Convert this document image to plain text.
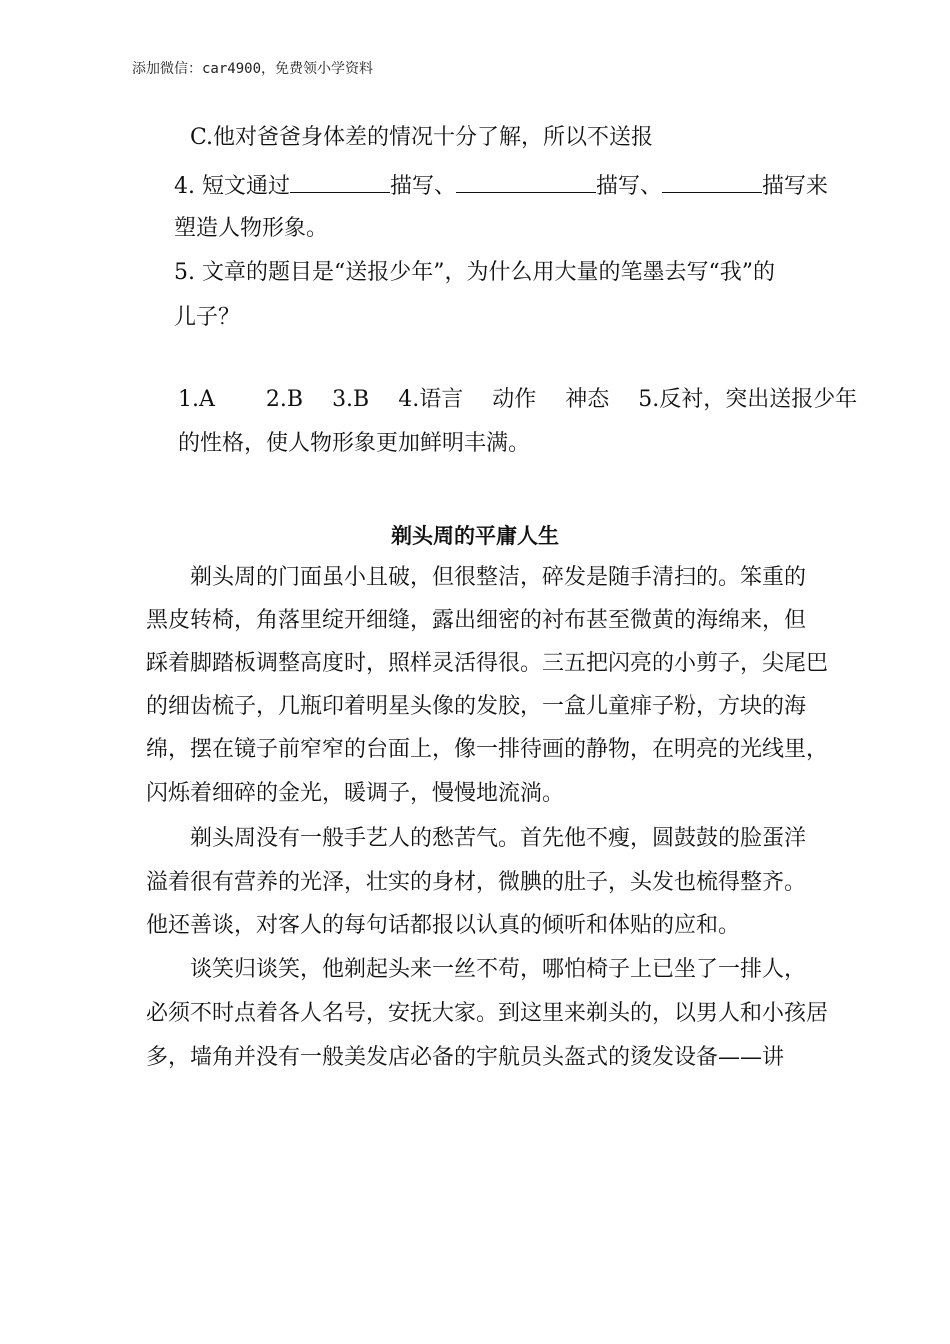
添加微信：car4900，免费领小学资料
C.他对爸爸身体差的情况十分了解，所以不送报
4. 短文通过	描写、	描写、	描写来
塑造人物形象。
5. 文章的题目是“送报少年”，为什么用大量的笔墨去写“我”的
儿子？
1.A 2.B 3.B 4.语言 动作 神态 5.反衬，突出送报少年
的性格，使人物形象更加鲜明丰满。
剃头周的平庸人生
剃头周的门面虽小且破，但很整洁，碎发是随手清扫的。笨重的
黑皮转椅，角落里绽开细缝，露出细密的衬布甚至微黄的海绵来，但
踩着脚踏板调整高度时，照样灵活得很。三五把闪亮的小剪子，尖尾巴
的细齿梳子，几瓶印着明星头像的发胶，一盒儿童痱子粉，方块的海
绵，摆在镜子前窄窄的台面上，像一排待画的静物，在明亮的光线里，
闪烁着细碎的金光，暖调子，慢慢地流淌。
剃头周没有一般手艺人的愁苦气。首先他不瘦，圆鼓鼓的脸蛋洋
溢着很有营养的光泽，壮实的身材，微腆的肚子，头发也梳得整齐。
他还善谈，对客人的每句话都报以认真的倾听和体贴的应和。
谈笑归谈笑，他剃起头来一丝不苟，哪怕椅子上已坐了一排人，
必须不时点着各人名号，安抚大家。到这里来剃头的，以男人和小孩居
多，墙角并没有一般美发店必备的宇航员头盔式的烫发设备——讲
